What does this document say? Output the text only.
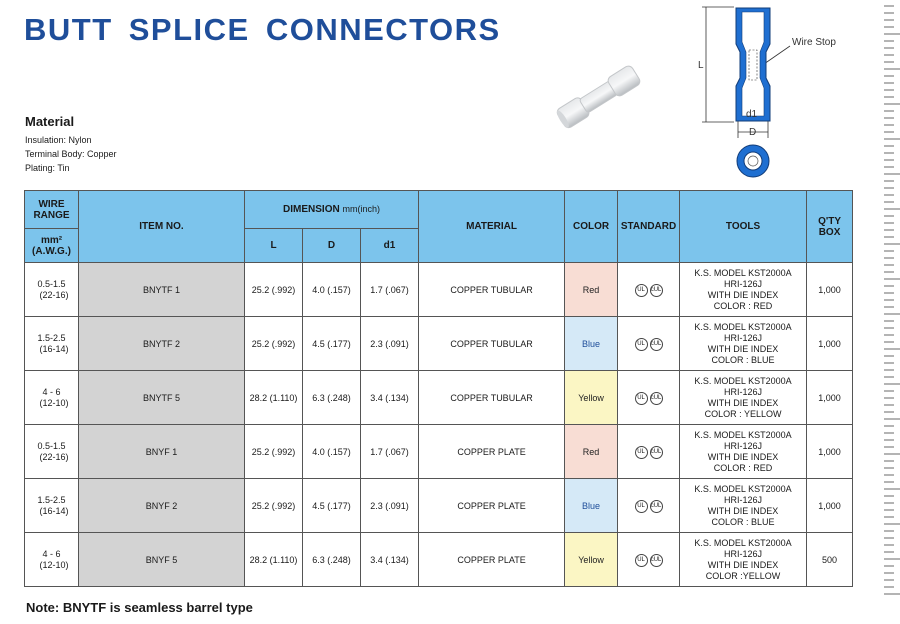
BUTT SPLICE CONNECTORS
Material
Insulation: Nylon
Terminal Body: Copper
Plating: Tin
Wire Stop
L
d1
D
WIRE RANGE	ITEM NO.	DIMENSION mm(inch)			MATERIAL	COLOR	STANDARD	TOOLS	Q'TY
BOX
mm²
(A.W.G.)		L	D	d1					
0.5-1.5
(22-16)	BNYTF 1	25.2 (.992)	4.0 (.157)	1.7 (.067)	COPPER TUBULAR	Red	UL cUL	K.S. MODEL KST2000A
HRI-126J
WITH DIE INDEX
COLOR : RED	1,000
1.5-2.5
(16-14)	BNYTF 2	25.2 (.992)	4.5 (.177)	2.3 (.091)	COPPER TUBULAR	Blue	UL cUL	K.S. MODEL KST2000A
HRI-126J
WITH DIE INDEX
COLOR : BLUE	1,000
4 - 6
(12-10)	BNYTF 5	28.2 (1.110)	6.3 (.248)	3.4 (.134)	COPPER TUBULAR	Yellow	UL cUL	K.S. MODEL KST2000A
HRI-126J
WITH DIE INDEX
COLOR : YELLOW	1,000
0.5-1.5
(22-16)	BNYF 1	25.2 (.992)	4.0 (.157)	1.7 (.067)	COPPER PLATE	Red	UL cUL	K.S. MODEL KST2000A
HRI-126J
WITH DIE INDEX
COLOR : RED	1,000
1.5-2.5
(16-14)	BNYF 2	25.2 (.992)	4.5 (.177)	2.3 (.091)	COPPER PLATE	Blue	UL cUL	K.S. MODEL KST2000A
HRI-126J
WITH DIE INDEX
COLOR : BLUE	1,000
4 - 6
(12-10)	BNYF 5	28.2 (1.110)	6.3 (.248)	3.4 (.134)	COPPER PLATE	Yellow	UL cUL	K.S. MODEL KST2000A
HRI-126J
WITH DIE INDEX
COLOR :YELLOW	500
Note: BNYTF is seamless barrel type
